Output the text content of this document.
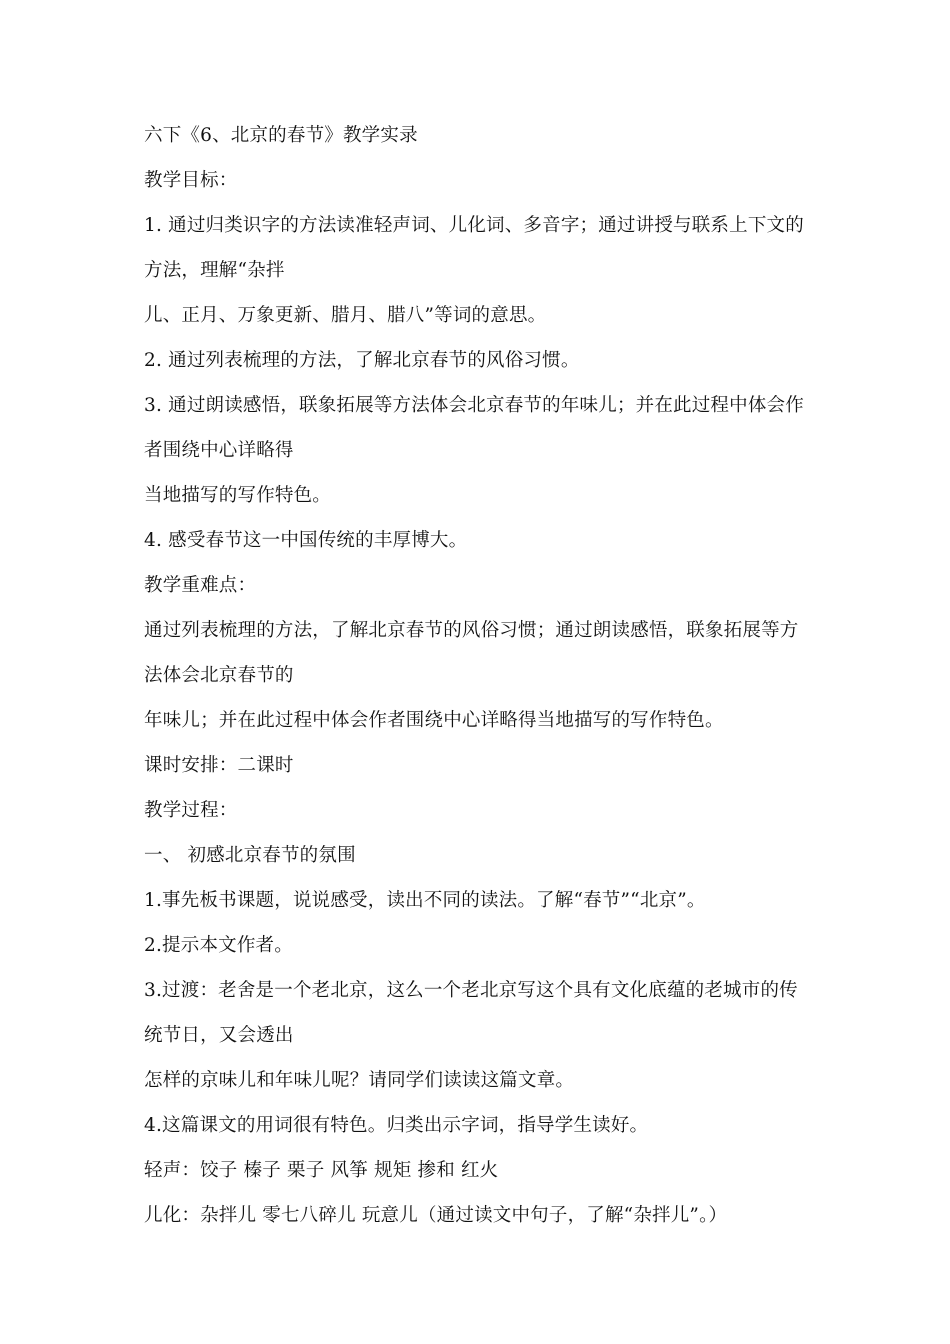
六下《6、北京的春节》教学实录
教学目标：
1. 通过归类识字的方法读准轻声词、儿化词、多音字；通过讲授与联系上下文的
方法，理解“杂拌
儿、正月、万象更新、腊月、腊八”等词的意思。
2. 通过列表梳理的方法，了解北京春节的风俗习惯。
3. 通过朗读感悟，联象拓展等方法体会北京春节的年味儿；并在此过程中体会作
者围绕中心详略得
当地描写的写作特色。
4. 感受春节这一中国传统的丰厚博大。
教学重难点：
通过列表梳理的方法，了解北京春节的风俗习惯；通过朗读感悟，联象拓展等方
法体会北京春节的
年味儿；并在此过程中体会作者围绕中心详略得当地描写的写作特色。
课时安排：二课时
教学过程：
一、 初感北京春节的氛围
1.事先板书课题，说说感受，读出不同的读法。了解“春节”“北京”。
2.提示本文作者。
3.过渡：老舍是一个老北京，这么一个老北京写这个具有文化底蕴的老城市的传
统节日，又会透出
怎样的京味儿和年味儿呢？请同学们读读这篇文章。
4.这篇课文的用词很有特色。归类出示字词，指导学生读好。
轻声：饺子 榛子 栗子 风筝 规矩 掺和 红火
儿化：杂拌儿 零七八碎儿 玩意儿（通过读文中句子，了解“杂拌儿”。）
